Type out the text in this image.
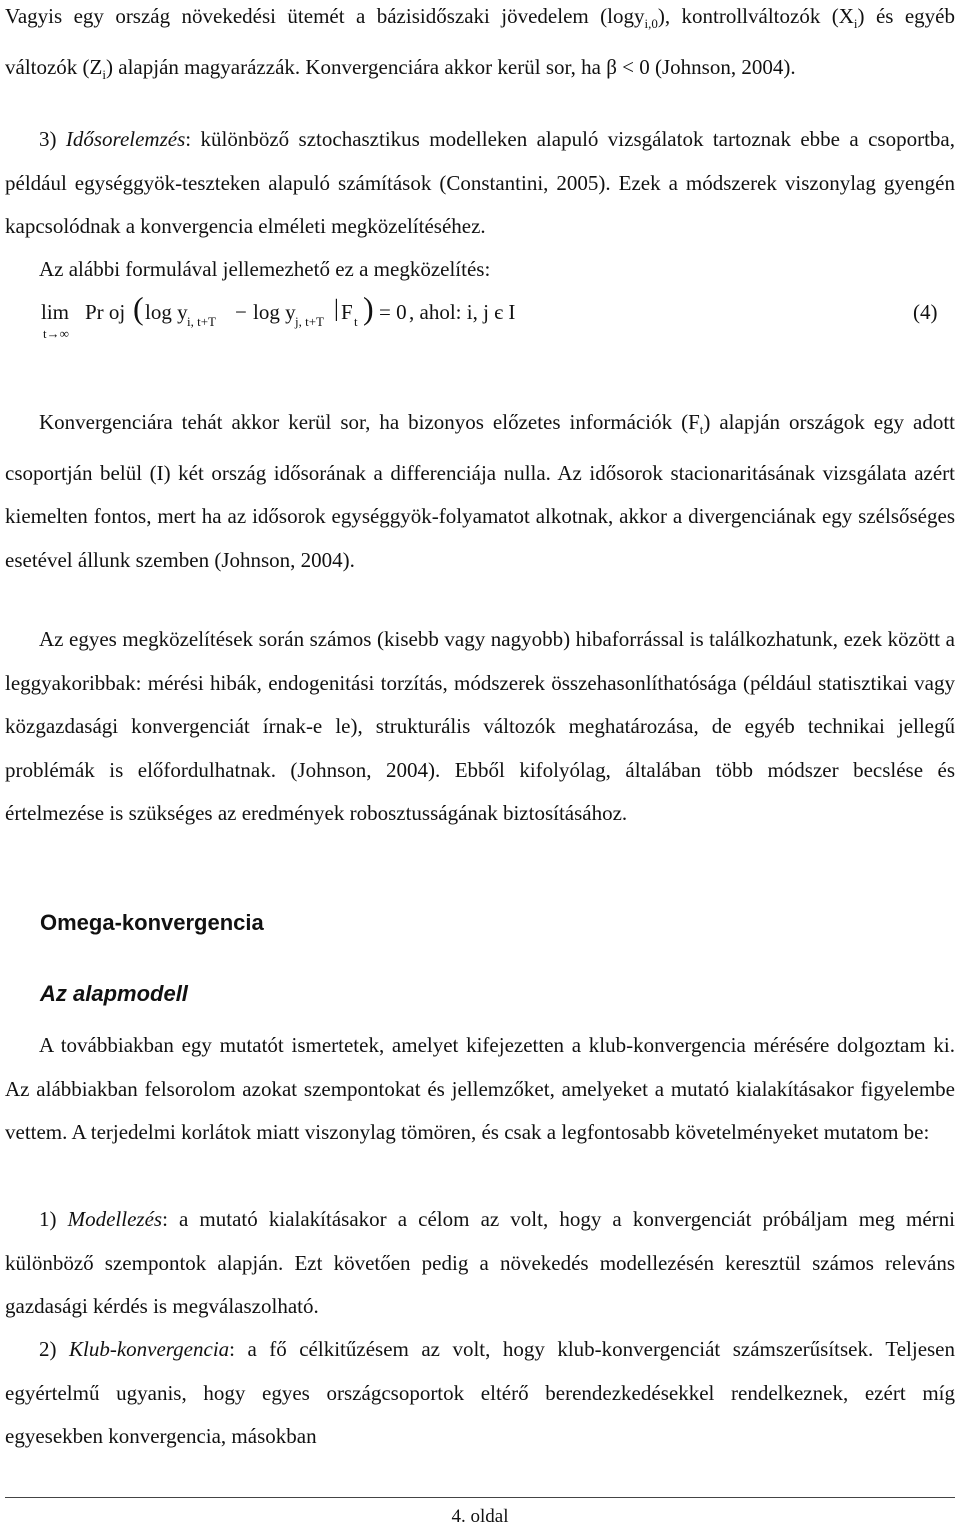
Vagyis egy ország növekedési ütemét a bázisidőszaki jövedelem (logy$_{i,0}$), kontrollváltozók $(X_i)$ és egyéb változók $(Z_i)$ alapján magyarázzák. Konvergenciára akkor kerül sor, ha β < 0 (Johnson, 2004).

3) Idősorelemzés: különböző sztochasztikus modelleken alapuló vizsgálatok tartoznak ebbe a csoportba, például egységgyök-teszteken alapuló számítások (Constantini, 2005). Ezek a módszerek viszonylag gyengén kapcsolódnak a konvergencia elméleti megközelítéséhez.

Az alábbi formulával jellemezhető ez a megközelítés:

lim
t→∞
Pr oj ( log y i, t+T − log y j, t+T | F t ) = 0 , ahol: i, j є I	(4)

Konvergenciára tehát akkor kerül sor, ha bizonyos előzetes információk $(F_t)$ alapján országok egy adott csoportján belül (I) két ország idősorának a differenciája nulla. Az idősorok stacionaritásának vizsgálata azért kiemelten fontos, mert ha az idősorok egységgyök-folyamatot alkotnak, akkor a divergenciának egy szélsőséges esetével állunk szemben (Johnson, 2004).

Az egyes megközelítések során számos (kisebb vagy nagyobb) hibaforrással is találkozhatunk, ezek között a leggyakoribbak: mérési hibák, endogenitási torzítás, módszerek összehasonlíthatósága (például statisztikai vagy közgazdasági konvergenciát írnak-e le), strukturális változók meghatározása, de egyéb technikai jellegű problémák is előfordulhatnak. (Johnson, 2004). Ebből kifolyólag, általában több módszer becslése és értelmezése is szükséges az eredmények robosztusságának biztosításához.

Omega-konvergencia
Az alapmodell

A továbbiakban egy mutatót ismertetek, amelyet kifejezetten a klub-konvergencia mérésére dolgoztam ki. Az alábbiakban felsorolom azokat szempontokat és jellemzőket, amelyeket a mutató kialakításakor figyelembe vettem. A terjedelmi korlátok miatt viszonylag tömören, és csak a legfontosabb követelményeket mutatom be:

1) Modellezés: a mutató kialakításakor a célom az volt, hogy a konvergenciát próbáljam meg mérni különböző szempontok alapján. Ezt követően pedig a növekedés modellezésén keresztül számos releváns gazdasági kérdés is megválaszolható.

2) Klub-konvergencia: a fő célkitűzésem az volt, hogy klub-konvergenciát számszerűsítsek. Teljesen egyértelmű ugyanis, hogy egyes országcsoportok eltérő berendezkedésekkel rendelkeznek, ezért míg egyesekben konvergencia, másokban

4. oldal
